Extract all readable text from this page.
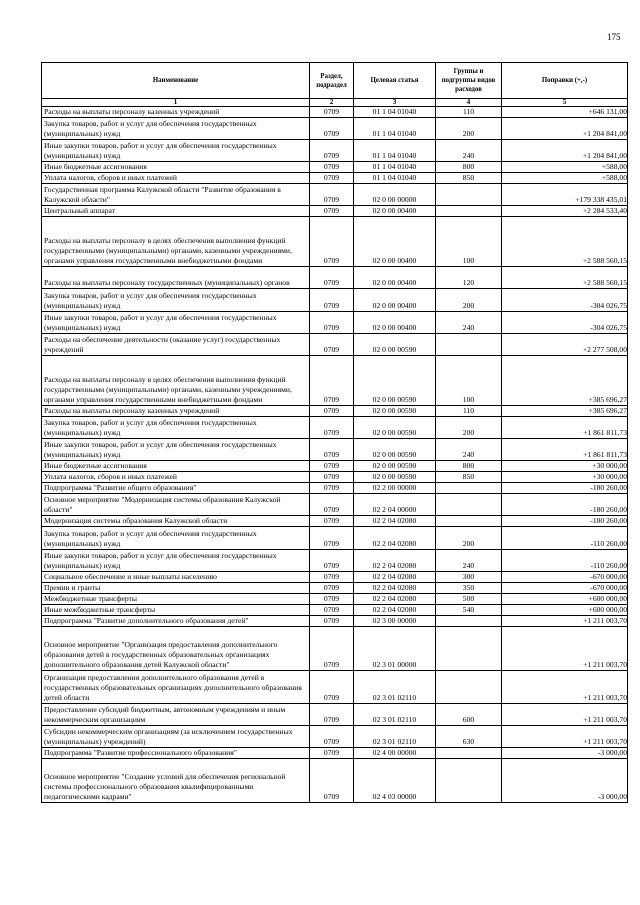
175
Наименование	Раздел, подраздел	Целевая статья	Группы и подгруппы видов расходов	Поправки (+,-)
1	2	3	4	5
Расходы на выплаты персоналу казенных учреждений	0709	01 1 04 01040	110	+646 131,00
Закупка товаров, работ и услуг для обеспечения государственных (муниципальных) нужд	0709	01 1 04 01040	200	+1 204 841,00
Иные закупки товаров, работ и услуг для обеспечения государственных (муниципальных) нужд	0709	01 1 04 01040	240	+1 204 841,00
Иные бюджетные ассигнования	0709	01 1 04 01040	800	+588,00
Уплата налогов, сборов и иных платежей	0709	01 1 04 01040	850	+588,00
Государственная программа Калужской области "Развитие образования в Калужской области"	0709	02 0 00 00000		+179 338 435,01
Центральный аппарат	0709	02 0 00 00400		+2 284 533,40
Расходы на выплаты персоналу в целях обеспечения выполнения функций государственными (муниципальными) органами, казенными учреждениями, органами управления государственными внебюджетными фондами	0709	02 0 00 00400	100	+2 588 560,15
Расходы на выплаты персоналу государственных (муниципальных) органов	0709	02 0 00 00400	120	+2 588 560,15
Закупка товаров, работ и услуг для обеспечения государственных (муниципальных) нужд	0709	02 0 00 00400	200	-304 026,75
Иные закупки товаров, работ и услуг для обеспечения государственных (муниципальных) нужд	0709	02 0 00 00400	240	-304 026,75
Расходы на обеспечение деятельности (оказание услуг) государственных учреждений	0709	02 0 00 00590		+2 277 508,00
Расходы на выплаты персоналу в целях обеспечения выполнения функций государственными (муниципальными) органами, казенными учреждениями, органами управления государственными внебюджетными фондами	0709	02 0 00 00590	100	+385 696,27
Расходы на выплаты персоналу казенных учреждений	0709	02 0 00 00590	110	+385 696,27
Закупка товаров, работ и услуг для обеспечения государственных (муниципальных) нужд	0709	02 0 00 00590	200	+1 861 811,73
Иные закупки товаров, работ и услуг для обеспечения государственных (муниципальных) нужд	0709	02 0 00 00590	240	+1 861 811,73
Иные бюджетные ассигнования	0709	02 0 00 00590	800	+30 000,00
Уплата налогов, сборов и иных платежей	0709	02 0 00 00590	850	+30 000,00
Подпрограмма "Развитие общего образования"	0709	02 2 00 00000		-180 260,00
Основное мероприятие "Модернизация системы образования Калужской области"	0709	02 2 04 00000		-180 260,00
Модернизация системы образования Калужской области	0709	02 2 04 02080		-180 260,00
Закупка товаров, работ и услуг для обеспечения государственных (муниципальных) нужд	0709	02 2 04 02080	200	-110 260,00
Иные закупки товаров, работ и услуг для обеспечения государственных (муниципальных) нужд	0709	02 2 04 02080	240	-110 260,00
Социальное обеспечение и иные выплаты населению	0709	02 2 04 02080	300	-670 000,00
Премии и гранты	0709	02 2 04 02080	350	-670 000,00
Межбюджетные трансферты	0709	02 2 04 02080	500	+600 000,00
Иные межбюджетные трансферты	0709	02 2 04 02080	540	+600 000,00
Подпрограмма "Развитие дополнительного образования детей"	0709	02 3 00 00000		+1 211 003,70
Основное мероприятие "Организация предоставления дополнительного образования детей в государственных образовательных организациях дополнительного образования детей Калужской области"	0709	02 3 01 00000		+1 211 003,70
Организация предоставления дополнительного образования детей в государственных образовательных организациях дополнительного образования детей области	0709	02 3 01 02110		+1 211 003,70
Предоставление субсидий бюджетным, автономным учреждениям и иным некоммерческим организациям	0709	02 3 01 02110	600	+1 211 003,70
Субсидии некоммерческим организациям (за исключением государственных (муниципальных) учреждений)	0709	02 3 01 02110	630	+1 211 003,70
Подпрограмма "Развитие профессионального образования"	0709	02 4 00 00000		-3 000,00
Основное мероприятие "Создание условий для обеспечения региональной системы профессионального образования квалифицированными педагогическими кадрами"	0709	02 4 03 00000		-3 000,00
